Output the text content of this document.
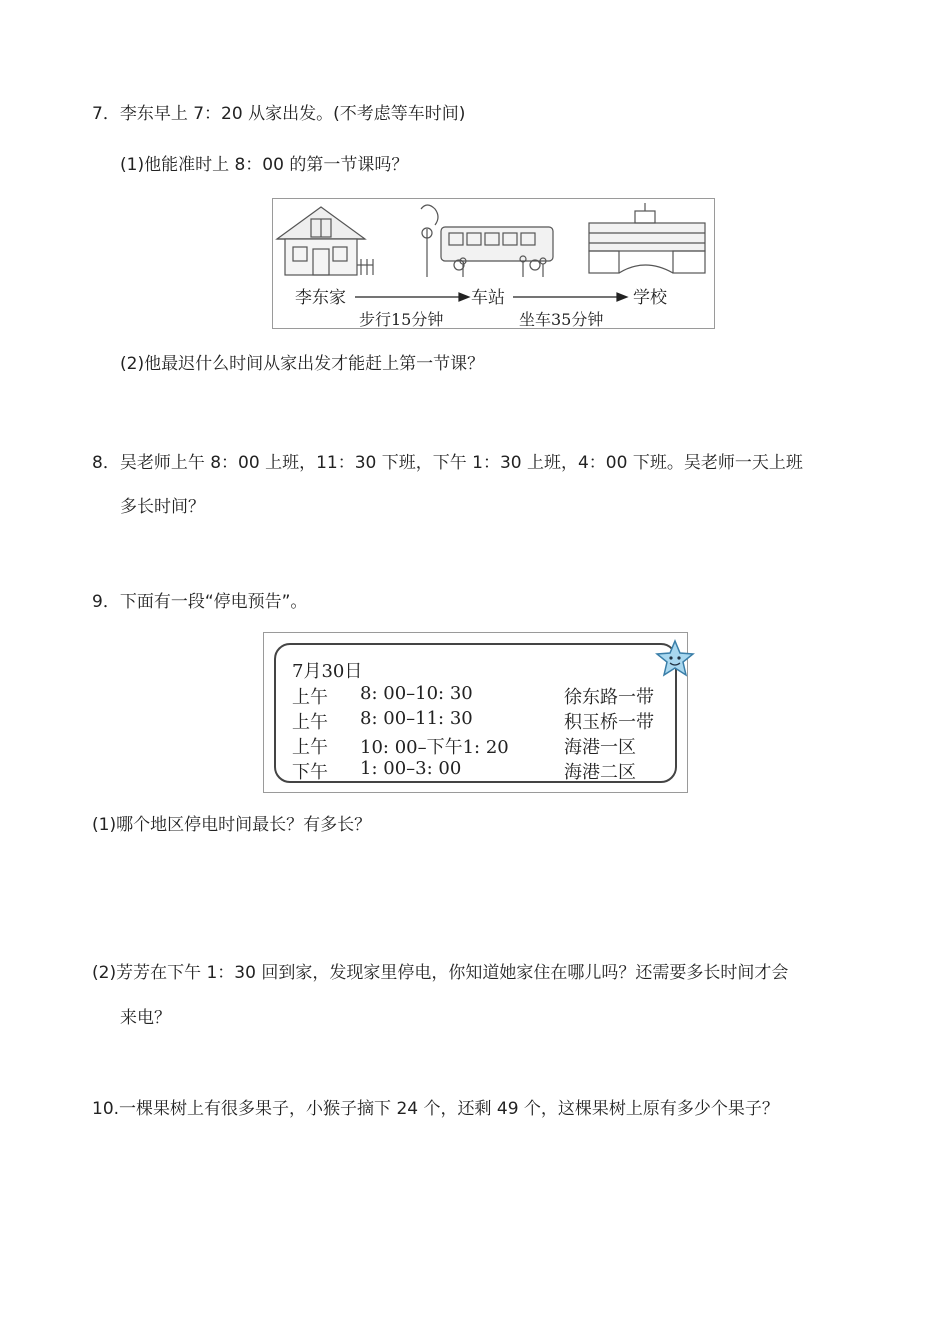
7．李东早上 7：20 从家出发。(不考虑等车时间)
(1)他能准时上 8：00 的第一节课吗？
李东家	车站	学校
步行15分钟	坐车35分钟
(2)他最迟什么时间从家出发才能赶上第一节课？
8．吴老师上午 8：00 上班，11：30 下班，下午 1：30 上班，4：00 下班。吴老师一天上班
多长时间？
9．下面有一段“停电预告”。
7月30日
上午 8: 00–10: 30	徐东路一带
上午 8: 00–11: 30	积玉桥一带
上午 10: 00–下午1: 20	海港一区
下午 1: 00–3: 00	海港二区
(1)哪个地区停电时间最长？有多长？
(2)芳芳在下午 1：30 回到家，发现家里停电，你知道她家住在哪儿吗？还需要多长时间才会
来电？
10.一棵果树上有很多果子，小猴子摘下 24 个，还剩 49 个，这棵果树上原有多少个果子？
